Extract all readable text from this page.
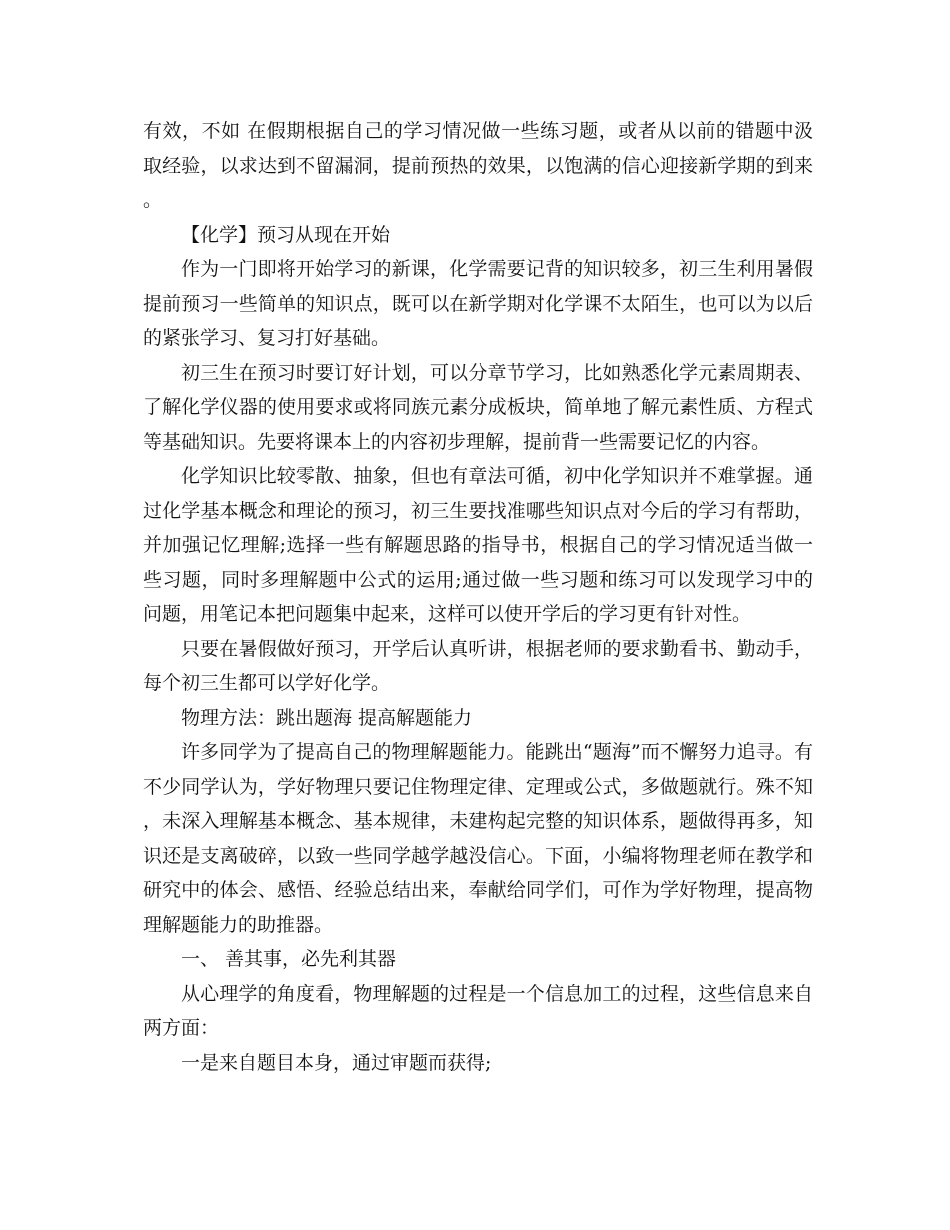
有效，不如 在假期根据自己的学习情况做一些练习题，或者从以前的错题中汲取经验，以求达到不留漏洞，提前预热的效果，以饱满的信心迎接新学期的到来。

【化学】预习从现在开始

作为一门即将开始学习的新课，化学需要记背的知识较多，初三生利用暑假提前预习一些简单的知识点，既可以在新学期对化学课不太陌生，也可以为以后的紧张学习、复习打好基础。

初三生在预习时要订好计划，可以分章节学习，比如熟悉化学元素周期表、了解化学仪器的使用要求或将同族元素分成板块，简单地了解元素性质、方程式等基础知识。先要将课本上的内容初步理解，提前背一些需要记忆的内容。

化学知识比较零散、抽象，但也有章法可循，初中化学知识并不难掌握。通过化学基本概念和理论的预习，初三生要找准哪些知识点对今后的学习有帮助，并加强记忆理解;选择一些有解题思路的指导书，根据自己的学习情况适当做一些习题，同时多理解题中公式的运用;通过做一些习题和练习可以发现学习中的问题，用笔记本把问题集中起来，这样可以使开学后的学习更有针对性。

只要在暑假做好预习，开学后认真听讲，根据老师的要求勤看书、勤动手，每个初三生都可以学好化学。

物理方法：跳出题海 提高解题能力

许多同学为了提高自己的物理解题能力。能跳出“题海”而不懈努力追寻。有不少同学认为，学好物理只要记住物理定律、定理或公式，多做题就行。殊不知，未深入理解基本概念、基本规律，未建构起完整的知识体系，题做得再多，知识还是支离破碎，以致一些同学越学越没信心。下面，小编将物理老师在教学和研究中的体会、感悟、经验总结出来，奉献给同学们，可作为学好物理，提高物理解题能力的助推器。

一、 善其事，必先利其器

从心理学的角度看，物理解题的过程是一个信息加工的过程，这些信息来自两方面：

一是来自题目本身，通过审题而获得;
